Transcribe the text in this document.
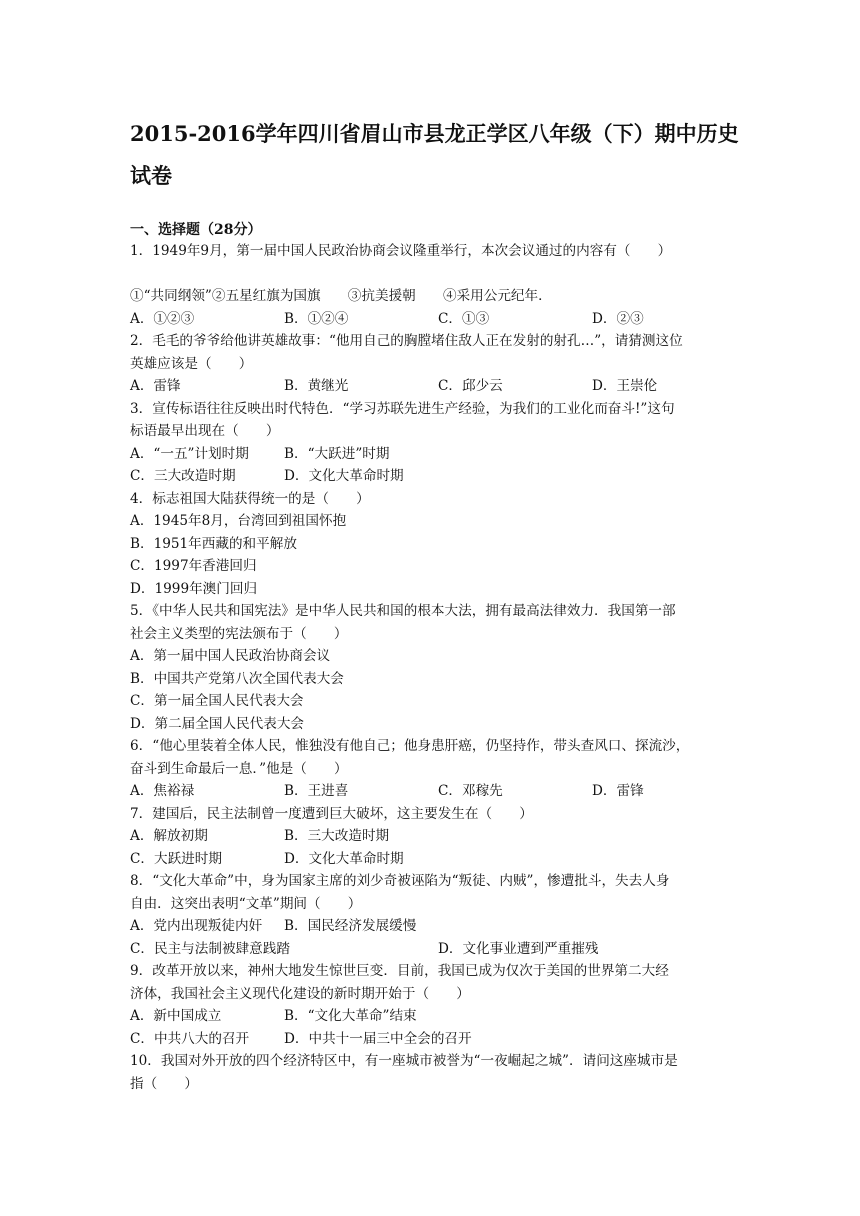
2015-2016学年四川省眉山市县龙正学区八年级（下）期中历史
试卷
一、选择题（28分）
1．1949年9月，第一届中国人民政治协商会议隆重举行，本次会议通过的内容有（　　）
①“共同纲领”②五星红旗为国旗　　③抗美援朝　　④采用公元纪年．
A．①②③	B．①②④	C．①③	D．②③
2．毛毛的爷爷给他讲英雄故事：“他用自己的胸膛堵住敌人正在发射的射孔…”，请猜测这位
英雄应该是（　　）
A．雷锋	B．黄继光	C．邱少云	D．王崇伦
3．宣传标语往往反映出时代特色．“学习苏联先进生产经验，为我们的工业化而奋斗!”这句
标语最早出现在（　　）
A．“一五”计划时期	B．“大跃进”时期
C．三大改造时期	D．文化大革命时期
4．标志祖国大陆获得统一的是（　　）
A．1945年8月，台湾回到祖国怀抱
B．1951年西藏的和平解放
C．1997年香港回归
D．1999年澳门回归
5．《中华人民共和国宪法》是中华人民共和国的根本大法，拥有最高法律效力．我国第一部
社会主义类型的宪法颁布于（　　）
A．第一届中国人民政治协商会议
B．中国共产党第八次全国代表大会
C．第一届全国人民代表大会
D．第二届全国人民代表大会
6．“他心里装着全体人民，惟独没有他自己；他身患肝癌，仍坚持作，带头查风口、探流沙，
奋斗到生命最后一息．”他是（　　）
A．焦裕禄	B．王进喜	C．邓稼先	D．雷锋
7．建国后，民主法制曾一度遭到巨大破坏，这主要发生在（　　）
A．解放初期	B．三大改造时期
C．大跃进时期	D．文化大革命时期
8．“文化大革命”中，身为国家主席的刘少奇被诬陷为“叛徒、内贼”，惨遭批斗，失去人身
自由．这突出表明“文革”期间（　　）
A．党内出现叛徒内奸 B．国民经济发展缓慢
C．民主与法制被肆意践踏	D．文化事业遭到严重摧残
9．改革开放以来，神州大地发生惊世巨变．目前，我国已成为仅次于美国的世界第二大经
济体，我国社会主义现代化建设的新时期开始于（　　）
A．新中国成立	B．“文化大革命”结束
C．中共八大的召开	D．中共十一届三中全会的召开
10．我国对外开放的四个经济特区中，有一座城市被誉为“一夜崛起之城”．请问这座城市是
指（　　）
